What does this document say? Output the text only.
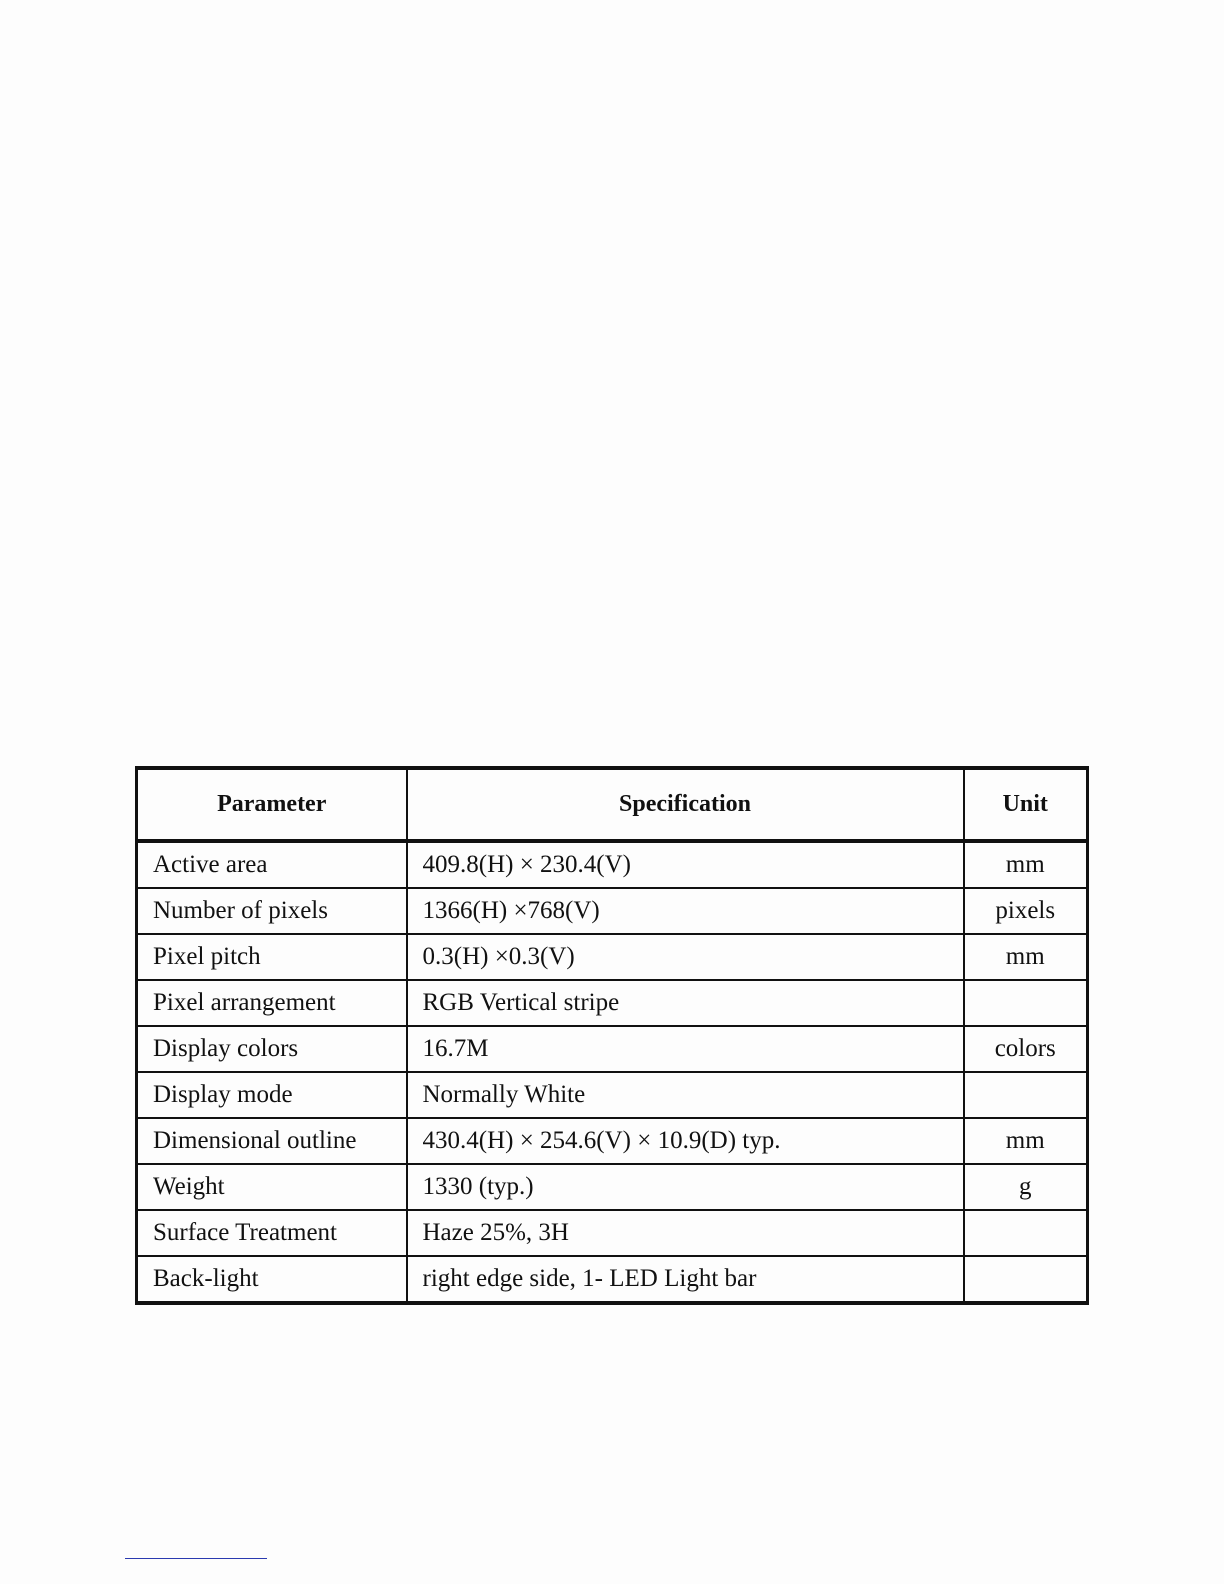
Parameter	Specification	Unit
Active area	409.8(H) × 230.4(V)	mm
Number of pixels	1366(H) ×768(V)	pixels
Pixel pitch	0.3(H) ×0.3(V)	mm
Pixel arrangement	RGB Vertical stripe	
Display colors	16.7M	colors
Display mode	Normally White	
Dimensional outline	430.4(H) × 254.6(V) × 10.9(D) typ.	mm
Weight	1330 (typ.)	g
Surface Treatment	Haze 25%, 3H	
Back-light	right edge side, 1- LED Light bar	
